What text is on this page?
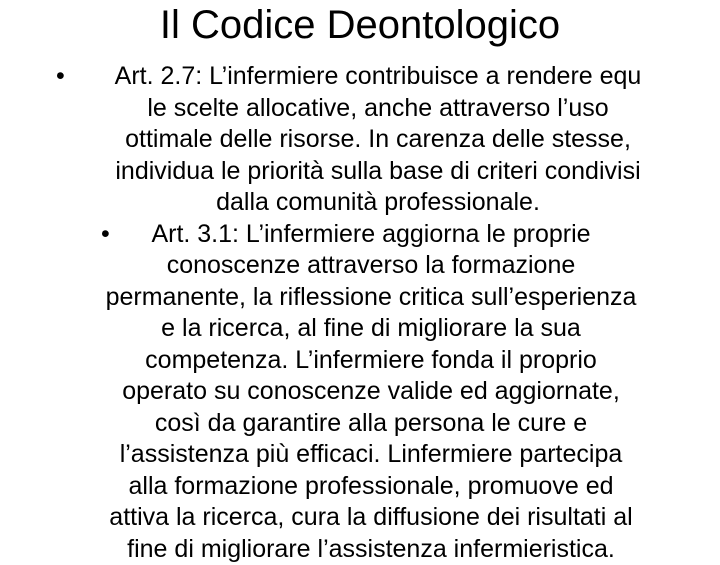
Il Codice Deontologico
•	Art. 2.7: L’infermiere contribuisce a rendere equ
le scelte allocative, anche attraverso l’uso
ottimale delle risorse. In carenza delle stesse,
individua le priorità sulla base di criteri condivisi
dalla comunità professionale.
•	Art. 3.1: L’infermiere aggiorna le proprie
conoscenze attraverso la formazione
permanente, la riflessione critica sull’esperienza
e la ricerca, al fine di migliorare la sua
competenza. L’infermiere fonda il proprio
operato su conoscenze valide ed aggiornate,
così da garantire alla persona le cure e
l’assistenza più efficaci. Linfermiere partecipa
alla formazione professionale, promuove ed
attiva la ricerca, cura la diffusione dei risultati al
fine di migliorare l’assistenza infermieristica.
